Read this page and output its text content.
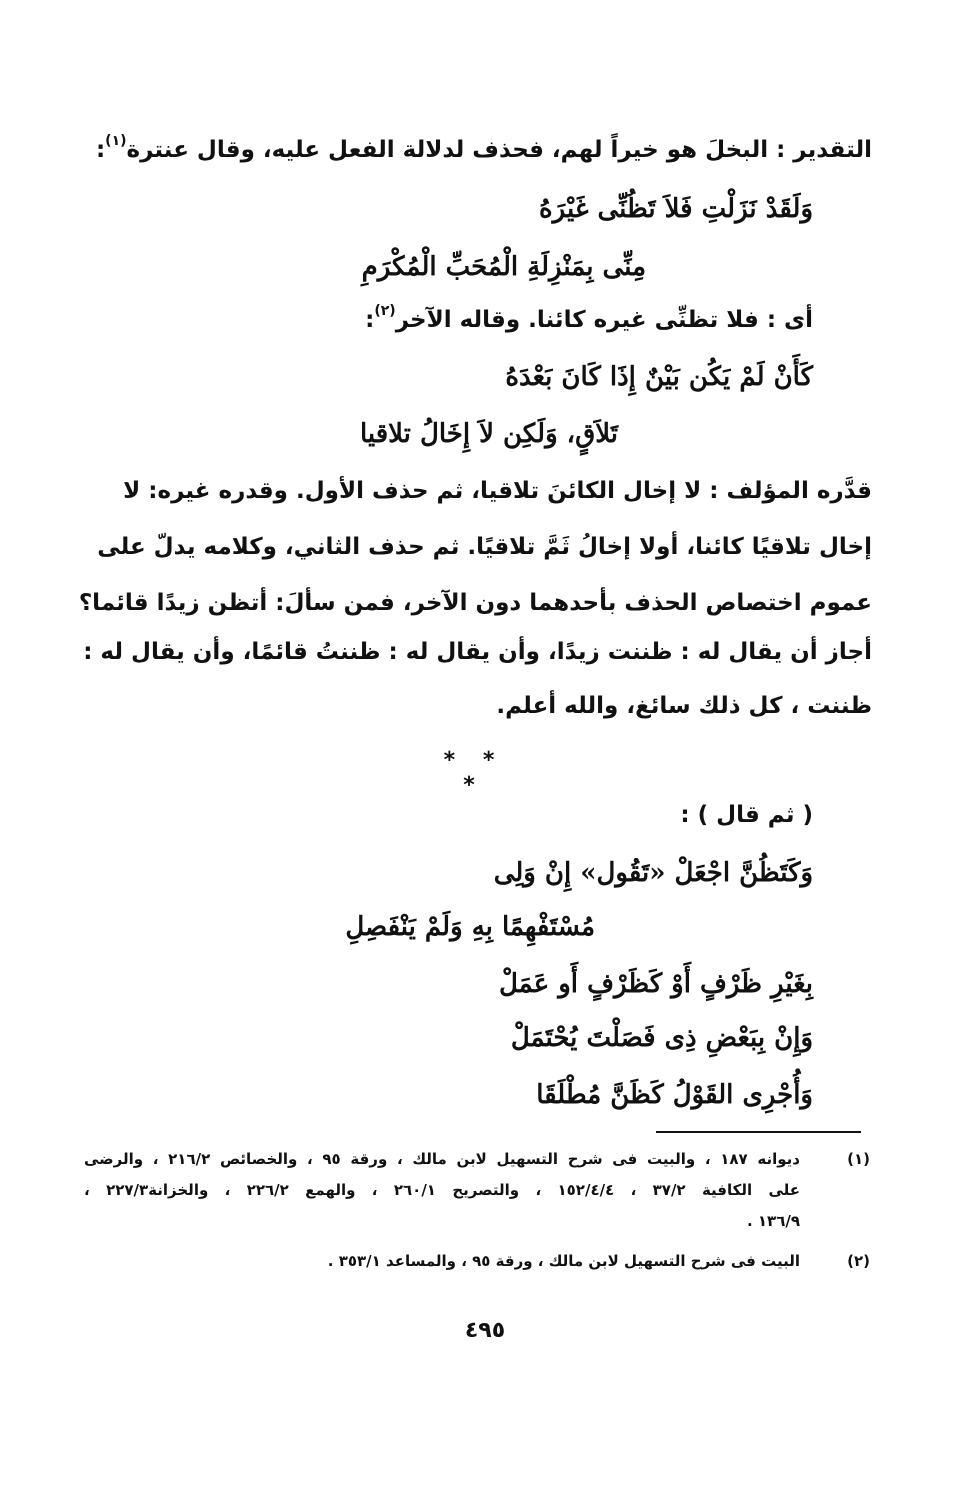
التقدير : البخلَ هو خيراً لهم، فحذف لدلالة الفعل عليه، وقال عنترة$^{(١)}$:
وَلَقَدْ نَزَلْتِ فَلاَ تَظُنِّى غَيْرَهُ
مِنِّى بِمَنْزِلَةِ الْمُحَبِّ الْمُكْرَمِ
أى : فلا تظنِّى غيره كائنا. وقاله الآخر$^{(٢)}$:
كَأَنْ لَمْ يَكُن بَيْنٌ إِذَا كَانَ بَعْدَهُ
تَلاَقٍ، وَلَكِن لاَ إِخَالُ تلاقيا
قدَّره المؤلف : لا إخال الكائنَ تلاقيا، ثم حذف الأول. وقدره غيره: لا
إخال تلاقيًا كائنا، أولا إخالُ ثَمَّ تلاقيًا. ثم حذف الثاني، وكلامه يدلّ على
عموم اختصاص الحذف بأحدهما دون الآخر، فمن سألَ: أتظن زيدًا قائما؟
أجاز أن يقال له : ظننت زيدًا، وأن يقال له : ظننتُ قائمًا، وأن يقال له :
ظننت ، كل ذلك سائغ، والله أعلم.
* * *
( ثم قال ) :
وَكَتَظُنَّ اجْعَلْ «تَقُول» إِنْ وَلِى
مُسْتَفْهِمًا بِهِ وَلَمْ يَنْفَصِلِ
بِغَيْرِ ظَرْفٍ أَوْ كَظَرْفٍ أَو عَمَلْ
وَإِنْ بِبَعْضِ ذِى فَصَلْتَ يُحْتَمَلْ
وَأُجْرِى القَوْلُ كَظَنَّ مُطْلَقَا
(١)
ديوانه ١٨٧ ، والبيت فى شرح التسهيل لابن مالك ، ورقة ٩٥ ، والخصائص ٢١٦/٢ ، والرضى
على الكافية ٣٧/٢ ، ١٥٢/٤/٤ ، والتصريح ٢٦٠/١ ، والهمع ٢٢٦/٢ ، والخزانة٢٢٧/٣ ،
١٣٦/٩ .
(٢)
البيت فى شرح التسهيل لابن مالك ، ورقة ٩٥ ، والمساعد ٣٥٣/١ .
٤٩٥
